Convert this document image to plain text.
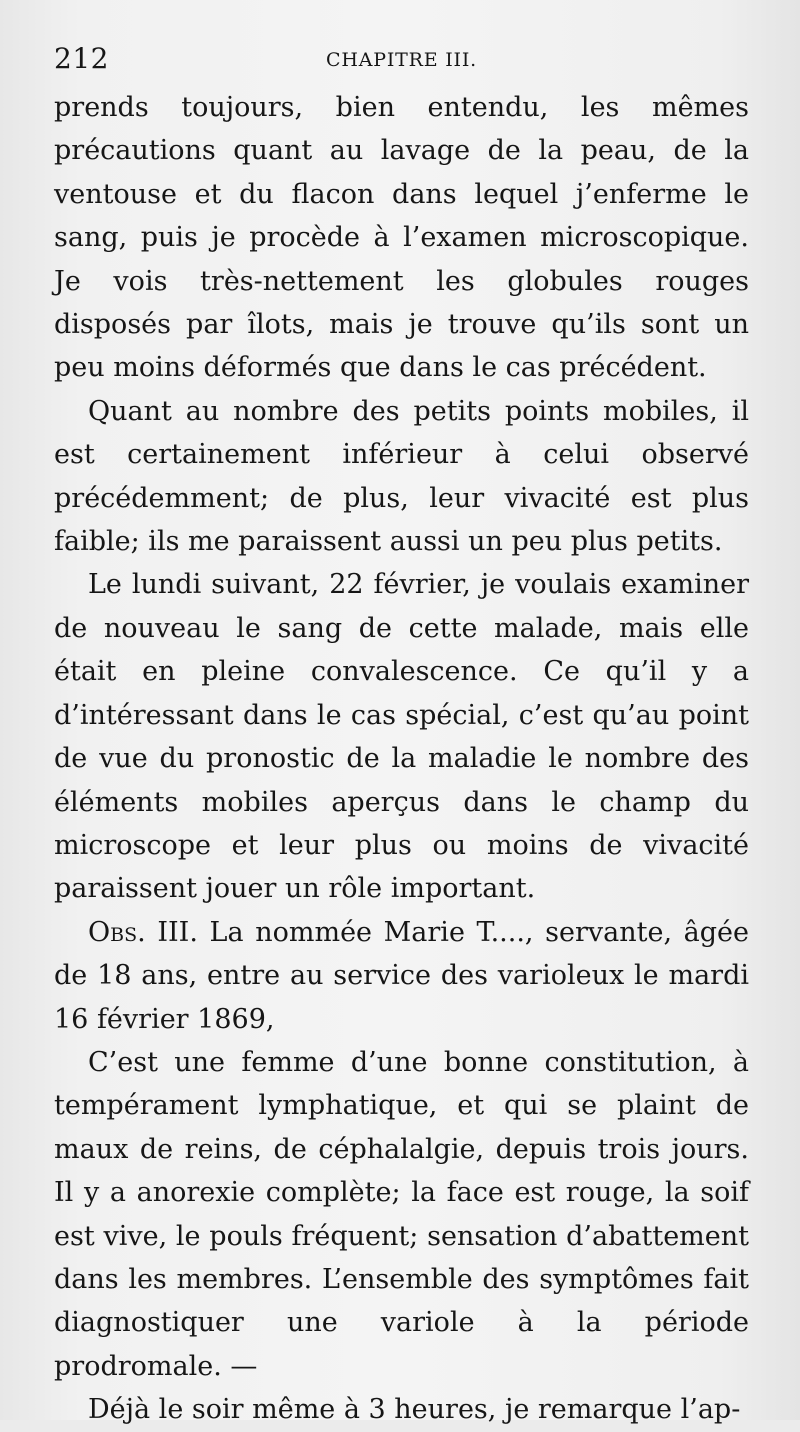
212	CHAPITRE III.

prends toujours, bien entendu, les mêmes précautions quant au lavage de la peau, de la ventouse et du flacon dans lequel j’enferme le sang, puis je procède à l’examen microscopique. Je vois très-nettement les globules rouges disposés par îlots, mais je trouve qu’ils sont un peu moins déformés que dans le cas précédent.

Quant au nombre des petits points mobiles, il est certainement inférieur à celui observé précédemment; de plus, leur vivacité est plus faible; ils me paraissent aussi un peu plus petits.

Le lundi suivant, 22 février, je voulais examiner de nouveau le sang de cette malade, mais elle était en pleine convalescence. Ce qu’il y a d’intéressant dans le cas spécial, c’est qu’au point de vue du pronostic de la maladie le nombre des éléments mobiles aperçus dans le champ du microscope et leur plus ou moins de vivacité paraissent jouer un rôle important.

Obs. III. La nommée Marie T...., servante, âgée de 18 ans, entre au service des varioleux le mardi 16 février 1869,

C’est une femme d’une bonne constitution, à tempérament lymphatique, et qui se plaint de maux de reins, de céphalalgie, depuis trois jours. Il y a anorexie complète; la face est rouge, la soif est vive, le pouls fréquent; sensation d’abattement dans les membres. L’ensemble des symptômes fait diagnostiquer une variole à la période prodromale. —

Déjà le soir même à 3 heures, je remarque l’ap-
